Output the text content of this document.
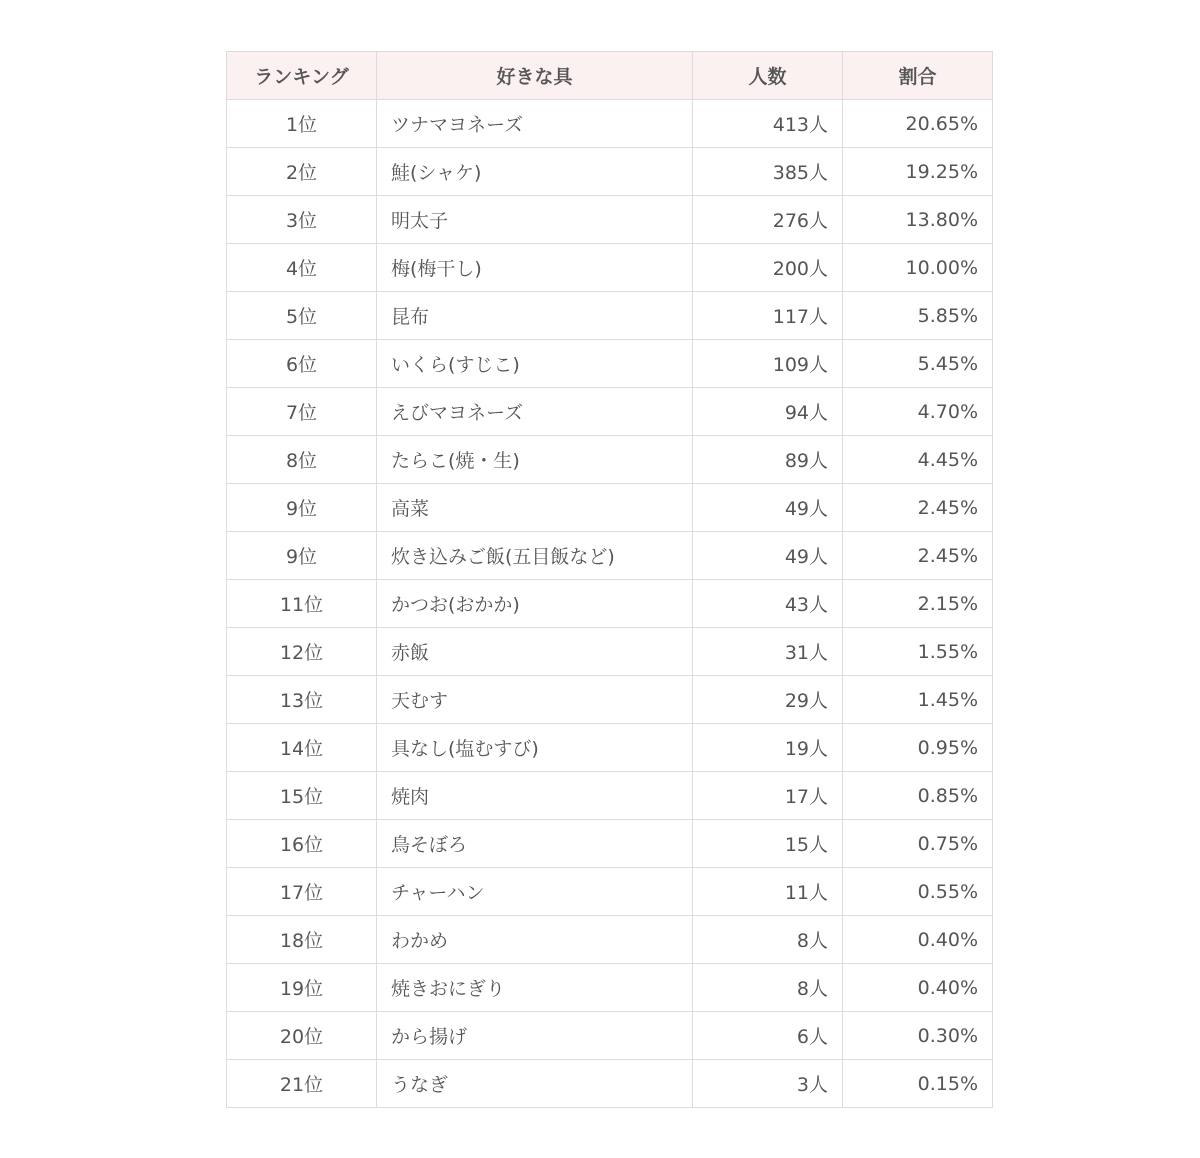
ランキング	好きな具	人数	割合
1位	ツナマヨネーズ	413人	20.65%
2位	鮭(シャケ)	385人	19.25%
3位	明太子	276人	13.80%
4位	梅(梅干し)	200人	10.00%
5位	昆布	117人	5.85%
6位	いくら(すじこ)	109人	5.45%
7位	えびマヨネーズ	94人	4.70%
8位	たらこ(焼・生)	89人	4.45%
9位	高菜	49人	2.45%
9位	炊き込みご飯(五目飯など)	49人	2.45%
11位	かつお(おかか)	43人	2.15%
12位	赤飯	31人	1.55%
13位	天むす	29人	1.45%
14位	具なし(塩むすび)	19人	0.95%
15位	焼肉	17人	0.85%
16位	鳥そぼろ	15人	0.75%
17位	チャーハン	11人	0.55%
18位	わかめ	8人	0.40%
19位	焼きおにぎり	8人	0.40%
20位	から揚げ	6人	0.30%
21位	うなぎ	3人	0.15%
